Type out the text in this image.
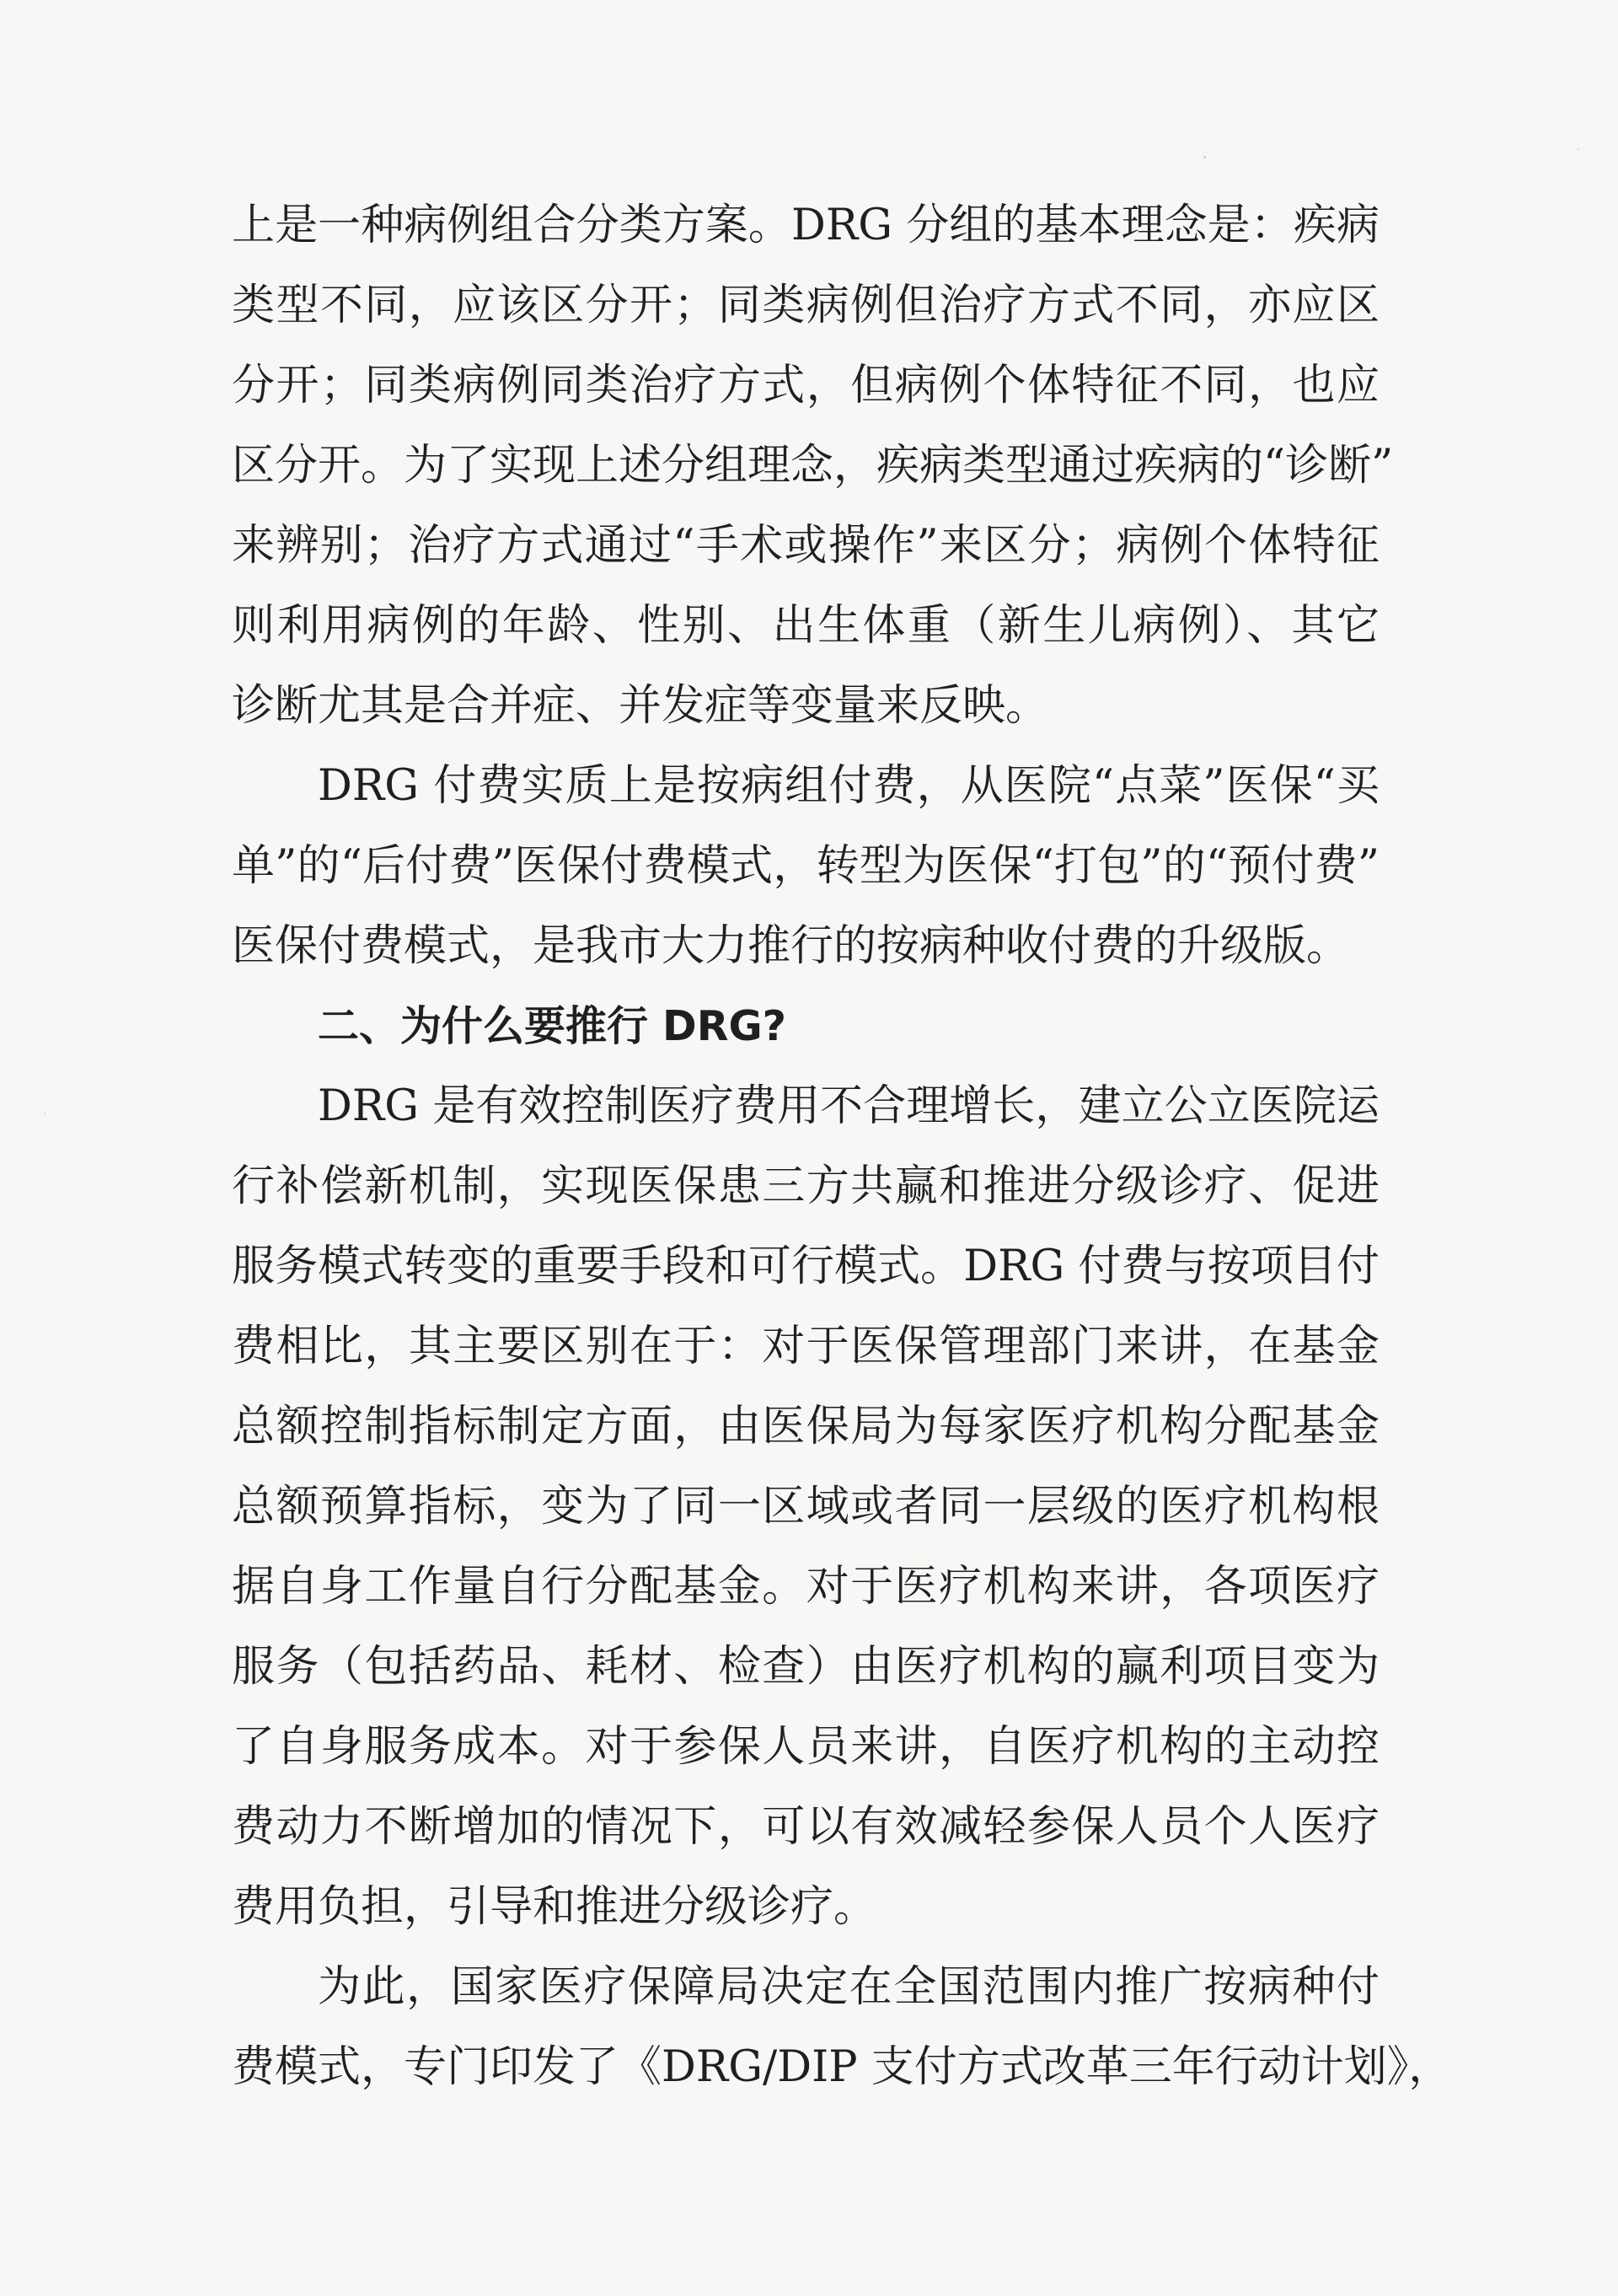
上是一种病例组合分类方案。DRG 分组的基本理念是：疾病
类型不同，应该区分开；同类病例但治疗方式不同，亦应区
分开；同类病例同类治疗方式，但病例个体特征不同，也应
区分开。为了实现上述分组理念，疾病类型通过疾病的“诊断”
来辨别；治疗方式通过“手术或操作”来区分；病例个体特征
则利用病例的年龄、性别、出生体重（新生儿病例）、其它
诊断尤其是合并症、并发症等变量来反映。
DRG 付费实质上是按病组付费，从医院“点菜”医保“买
单”的“后付费”医保付费模式，转型为医保“打包”的“预付费”
医保付费模式，是我市大力推行的按病种收付费的升级版。
二、为什么要推行 DRG?
DRG 是有效控制医疗费用不合理增长，建立公立医院运
行补偿新机制，实现医保患三方共赢和推进分级诊疗、促进
服务模式转变的重要手段和可行模式。DRG 付费与按项目付
费相比，其主要区别在于：对于医保管理部门来讲，在基金
总额控制指标制定方面，由医保局为每家医疗机构分配基金
总额预算指标，变为了同一区域或者同一层级的医疗机构根
据自身工作量自行分配基金。对于医疗机构来讲，各项医疗
服务（包括药品、耗材、检查）由医疗机构的赢利项目变为
了自身服务成本。对于参保人员来讲，自医疗机构的主动控
费动力不断增加的情况下，可以有效减轻参保人员个人医疗
费用负担，引导和推进分级诊疗。
为此，国家医疗保障局决定在全国范围内推广按病种付
费模式，专门印发了《DRG/DIP 支付方式改革三年行动计划》，
